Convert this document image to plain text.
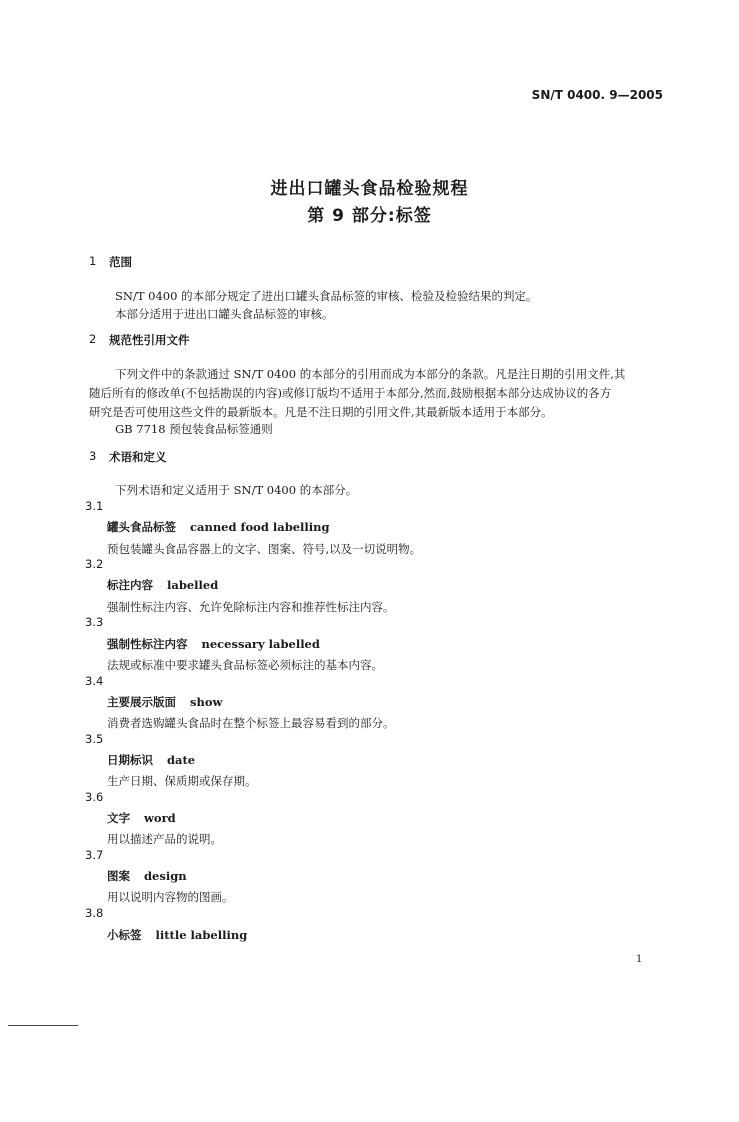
SN/T 0400. 9—2005
进出口罐头食品检验规程
第 9 部分:标签
1 范围
SN/T 0400 的本部分规定了进出口罐头食品标签的审核、检验及检验结果的判定。
本部分适用于进出口罐头食品标签的审核。
2 规范性引用文件
下列文件中的条款通过 SN/T 0400 的本部分的引用而成为本部分的条款。凡是注日期的引用文件,其
随后所有的修改单(不包括勘误的内容)或修订版均不适用于本部分,然而,鼓励根据本部分达成协议的各方
研究是否可使用这些文件的最新版本。凡是不注日期的引用文件,其最新版本适用于本部分。
GB 7718 预包装食品标签通则
3 术语和定义
下列术语和定义适用于 SN/T 0400 的本部分。
3.1
罐头食品标签 canned food labelling
预包装罐头食品容器上的文字、图案、符号,以及一切说明物。
3.2
标注内容 labelled
强制性标注内容、允许免除标注内容和推荐性标注内容。
3.3
强制性标注内容 necessary labelled
法规或标准中要求罐头食品标签必须标注的基本内容。
3.4
主要展示版面 show
消费者选购罐头食品时在整个标签上最容易看到的部分。
3.5
日期标识 date
生产日期、保质期或保存期。
3.6
文字 word
用以描述产品的说明。
3.7
图案 design
用以说明内容物的图画。
3.8
小标签 little labelling
1
